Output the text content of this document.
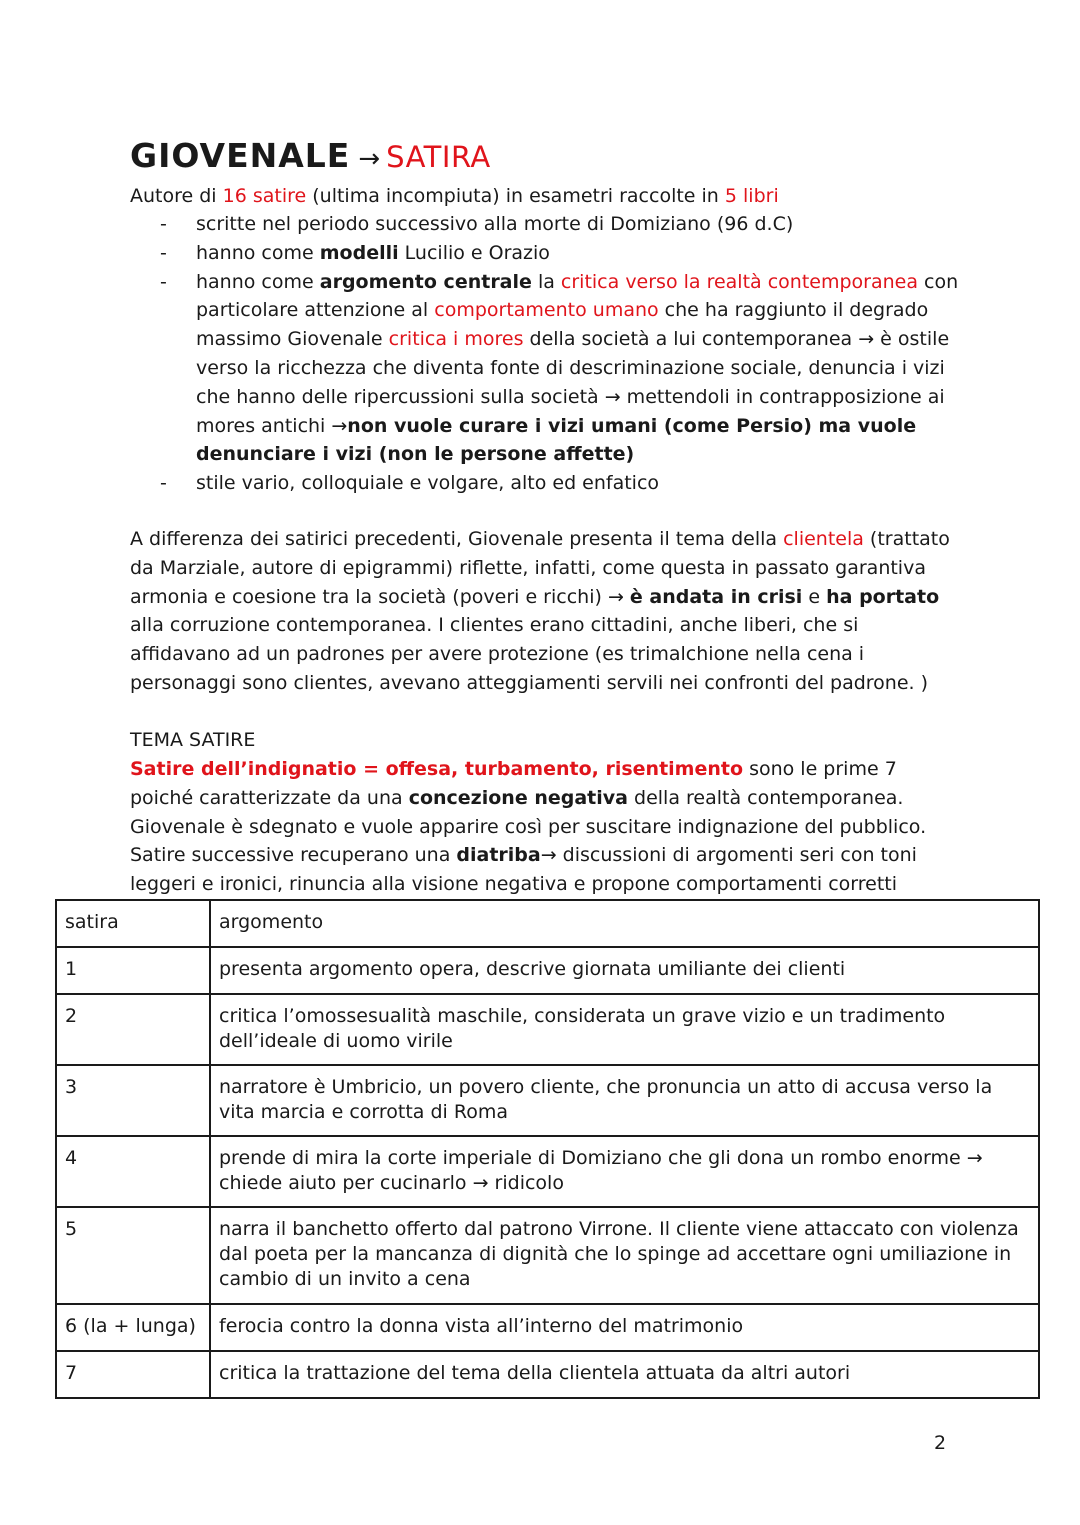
GIOVENALE → SATIRA

Autore di 16 satire (ultima incompiuta) in esametri raccolte in 5 libri

- scritte nel periodo successivo alla morte di Domiziano (96 d.C)
- hanno come modelli Lucilio e Orazio
- hanno come argomento centrale la critica verso la realtà contemporanea con particolare attenzione al comportamento umano che ha raggiunto il degrado massimo Giovenale critica i mores della società a lui contemporanea → è ostile verso la ricchezza che diventa fonte di descriminazione sociale, denuncia i vizi che hanno delle ripercussioni sulla società → mettendoli in contrapposizione ai mores antichi →non vuole curare i vizi umani (come Persio) ma vuole denunciare i vizi (non le persone affette)
- stile vario, colloquiale e volgare, alto ed enfatico

A differenza dei satirici precedenti, Giovenale presenta il tema della clientela (trattato da Marziale, autore di epigrammi) riflette, infatti, come questa in passato garantiva armonia e coesione tra la società (poveri e ricchi) → è andata in crisi e ha portato alla corruzione contemporanea. I clientes erano cittadini, anche liberi, che si affidavano ad un padrones per avere protezione (es trimalchione nella cena i personaggi sono clientes, avevano atteggiamenti servili nei confronti del padrone. )

TEMA SATIRE

Satire dell’indignatio = offesa, turbamento, risentimento sono le prime 7 poiché caratterizzate da una concezione negativa della realtà contemporanea. Giovenale è sdegnato e vuole apparire così per suscitare indignazione del pubblico.

Satire successive recuperano una diatriba→ discussioni di argomenti seri con toni leggeri e ironici, rinuncia alla visione negativa e propone comportamenti corretti

satira	argomento
1	presenta argomento opera, descrive giornata umiliante dei clienti
2	critica l’omossesualità maschile, considerata un grave vizio e un tradimento dell’ideale di uomo virile
3	narratore è Umbricio, un povero cliente, che pronuncia un atto di accusa verso la vita marcia e corrotta di Roma
4	prende di mira la corte imperiale di Domiziano che gli dona un rombo enorme → chiede aiuto per cucinarlo → ridicolo
5	narra il banchetto offerto dal patrono Virrone. Il cliente viene attaccato con violenza dal poeta per la mancanza di dignità che lo spinge ad accettare ogni umiliazione in cambio di un invito a cena
6 (la + lunga)	ferocia contro la donna vista all’interno del matrimonio
7	critica la trattazione del tema della clientela attuata da altri autori

2
